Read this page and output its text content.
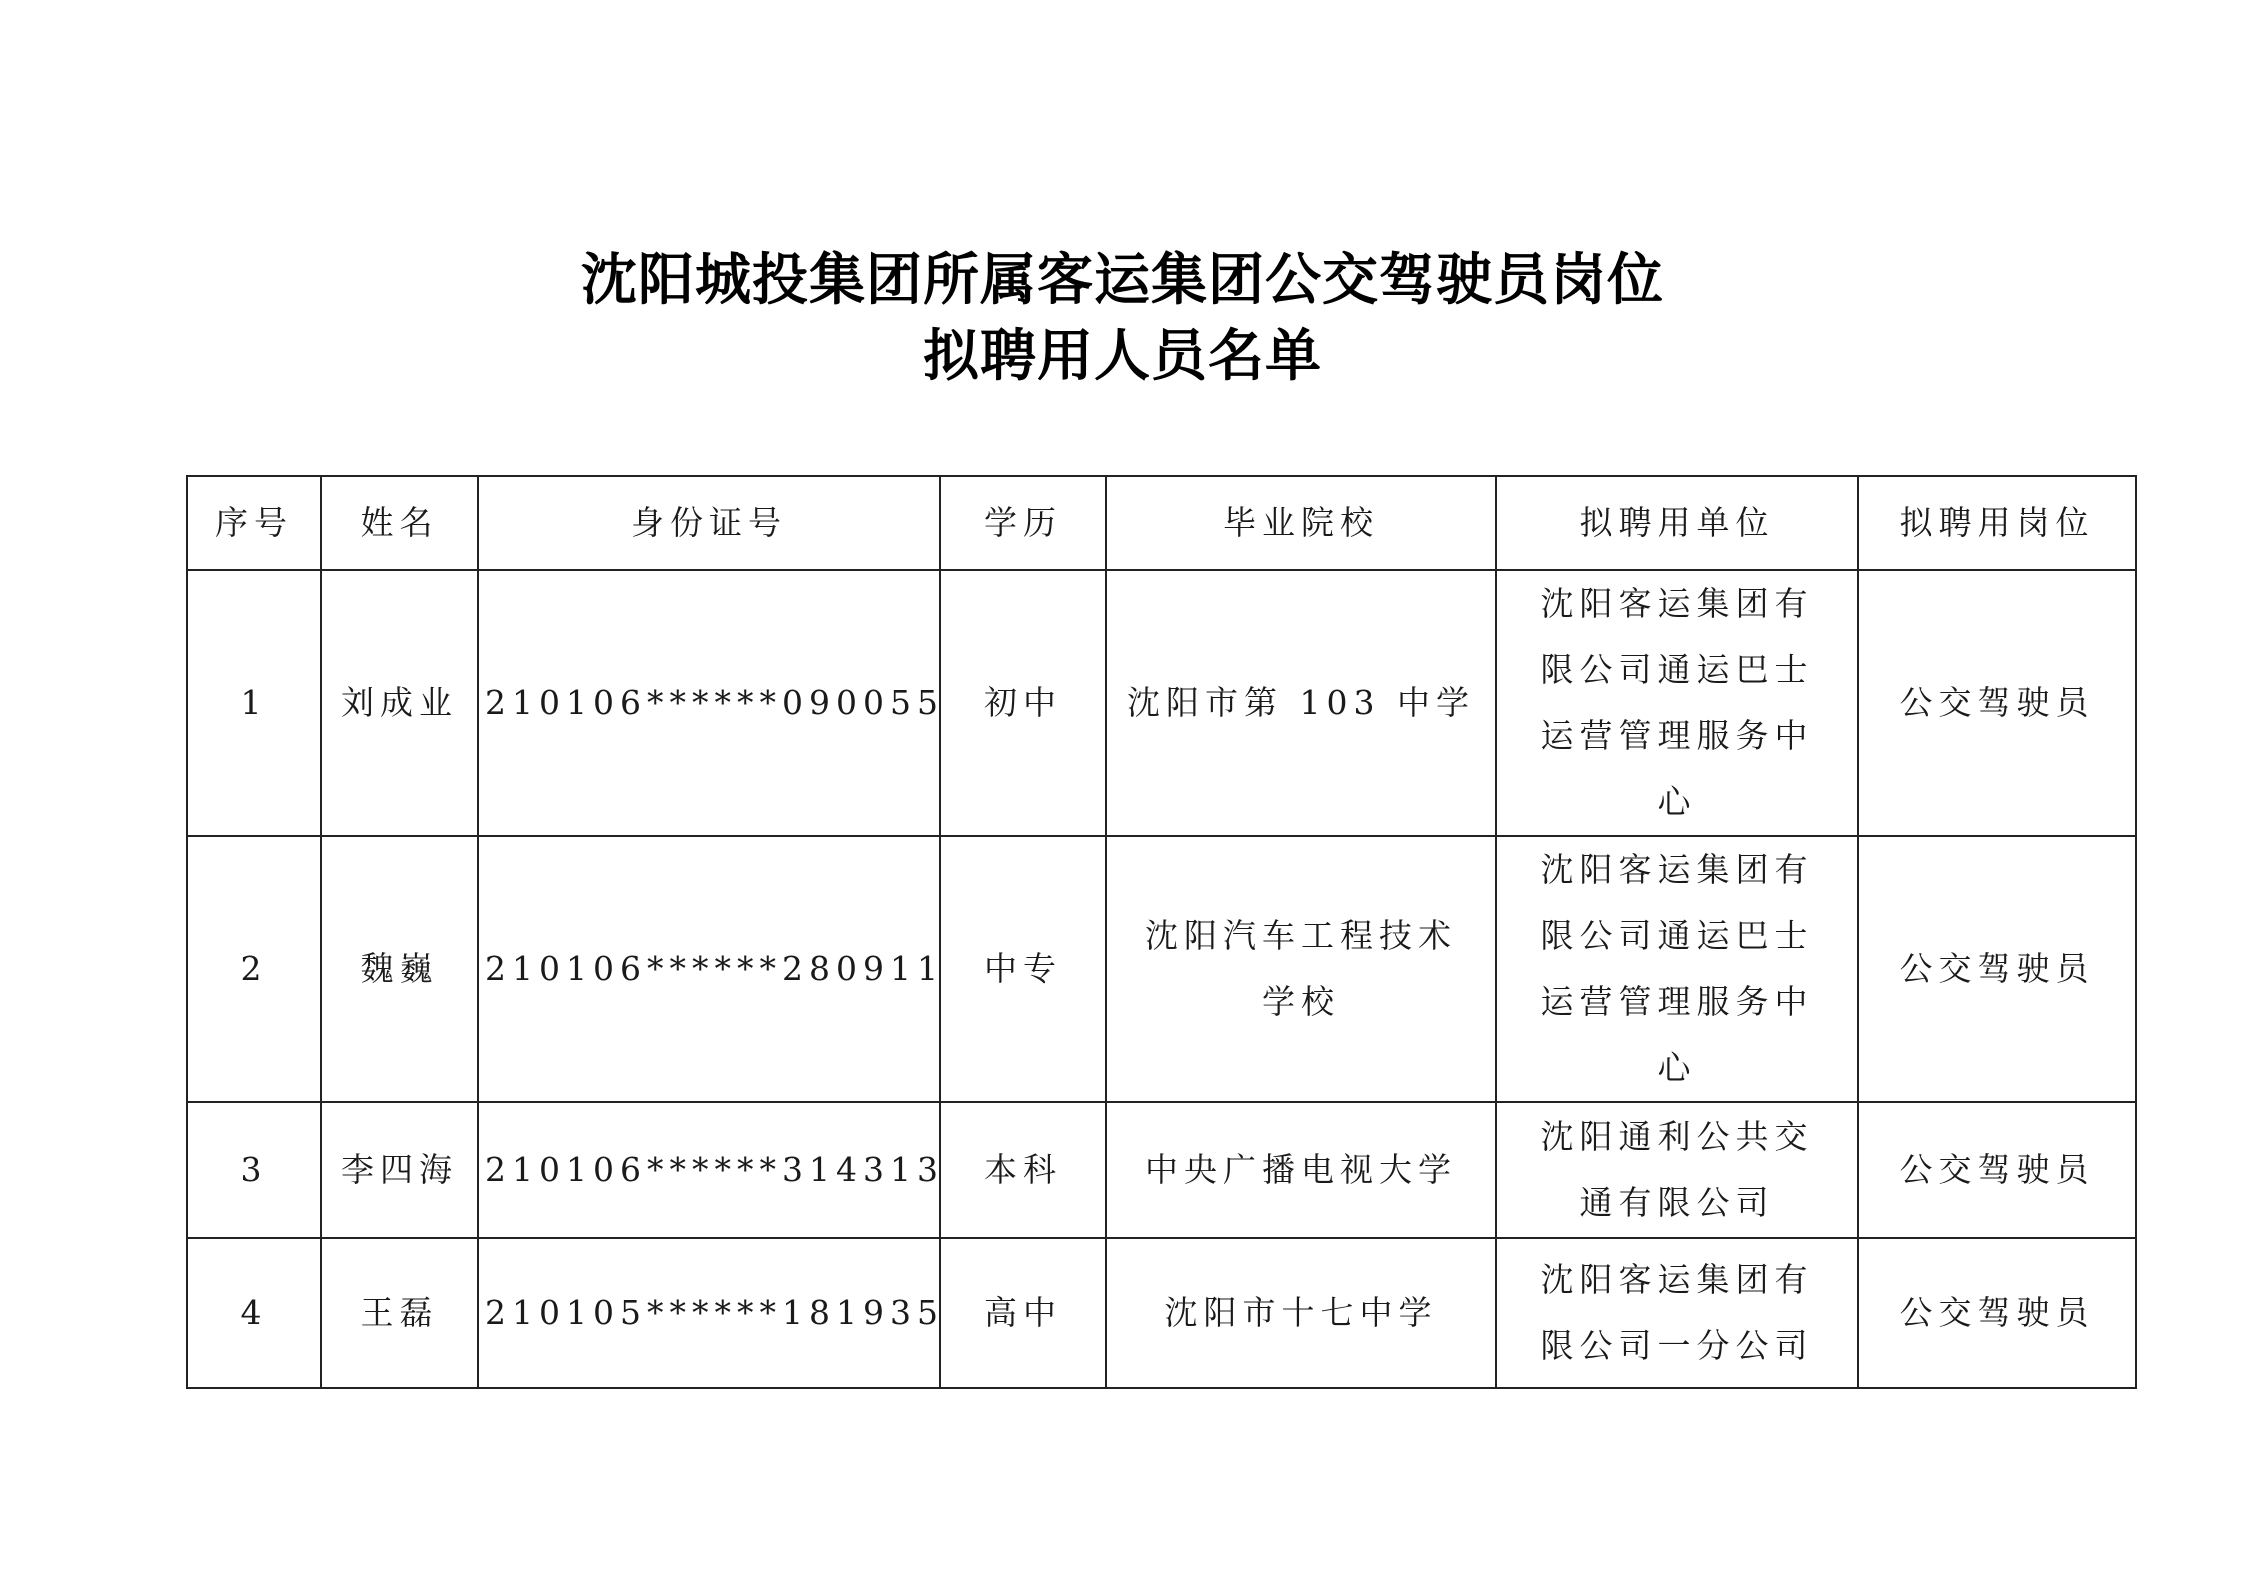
沈阳城投集团所属客运集团公交驾驶员岗位
拟聘用人员名单
序号	姓名	身份证号	学历	毕业院校	拟聘用单位	拟聘用岗位
1	刘成业	210106******090055	初中	沈阳市第 103 中学	沈阳客运集团有限公司通运巴士运营管理服务中心	公交驾驶员
2	魏巍	210106******280911	中专	沈阳汽车工程技术学校	沈阳客运集团有限公司通运巴士运营管理服务中心	公交驾驶员
3	李四海	210106******314313	本科	中央广播电视大学	沈阳通利公共交通有限公司	公交驾驶员
4	王磊	210105******181935	高中	沈阳市十七中学	沈阳客运集团有限公司一分公司	公交驾驶员
